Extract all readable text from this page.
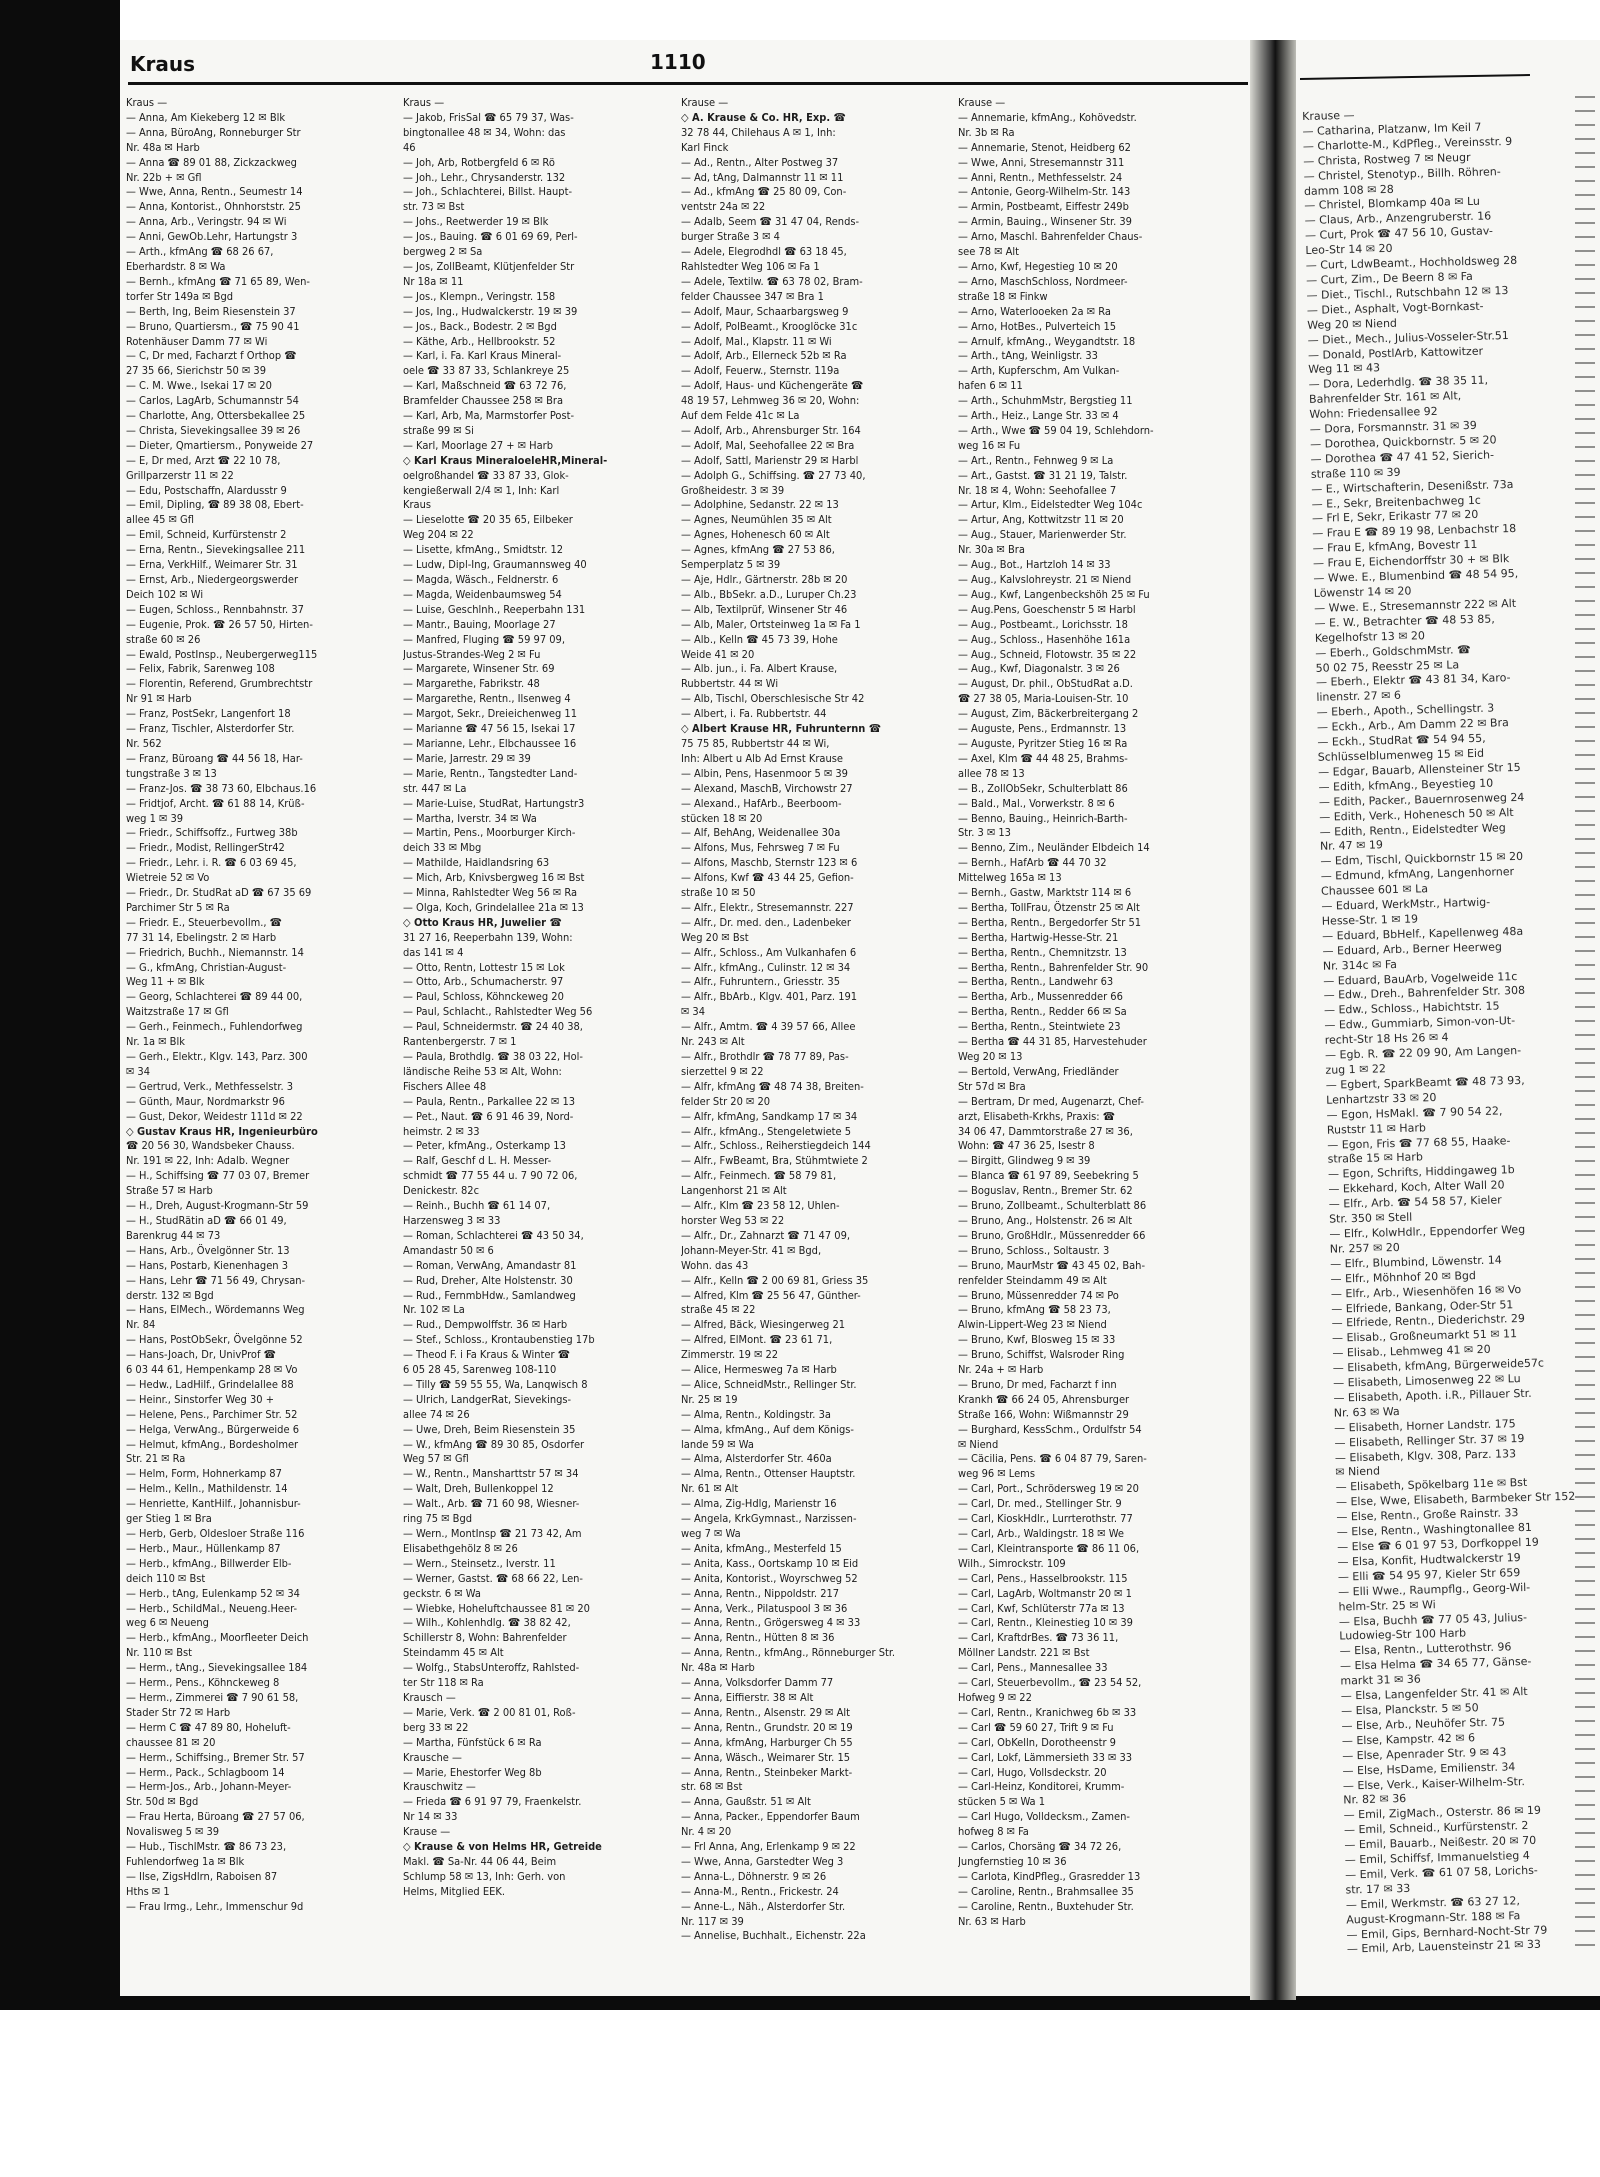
Kraus	1110
Kraus —
— Anna, Am Kiekeberg 12 ✉ Blk
— Anna, BüroAng, Ronneburger Str
Nr. 48a ✉ Harb
— Anna ☎ 89 01 88, Zickzackweg
Nr. 22b + ✉ Gfl
— Wwe, Anna, Rentn., Seumestr 14
— Anna, Kontorist., Ohnhorststr. 25
— Anna, Arb., Veringstr. 94 ✉ Wi
— Anni, GewOb.Lehr, Hartungstr 3
— Arth., kfmAng ☎ 68 26 67,
Eberhardstr. 8 ✉ Wa
— Bernh., kfmAng ☎ 71 65 89, Wen-
torfer Str 149a ✉ Bgd
— Berth, Ing, Beim Riesenstein 37
— Bruno, Quartiersm., ☎ 75 90 41
Rotenhäuser Damm 77 ✉ Wi
— C, Dr med, Facharzt f Orthop ☎
27 35 66, Sierichstr 50 ✉ 39
— C. M. Wwe., Isekai 17 ✉ 20
— Carlos, LagArb, Schumannstr 54
— Charlotte, Ang, Ottersbekallee 25
— Christa, Sievekingsallee 39 ✉ 26
— Dieter, Qmartiersm., Ponyweide 27
— E, Dr med, Arzt ☎ 22 10 78,
Grillparzerstr 11 ✉ 22
— Edu, Postschaffn, Alardusstr 9
— Emil, Dipling, ☎ 89 38 08, Ebert-
allee 45 ✉ Gfl
— Emil, Schneid, Kurfürstenstr 2
— Erna, Rentn., Sievekingsallee 211
— Erna, VerkHilf., Weimarer Str. 31
— Ernst, Arb., Niedergeorgswerder
Deich 102 ✉ Wi
— Eugen, Schloss., Rennbahnstr. 37
— Eugenie, Prok. ☎ 26 57 50, Hirten-
straße 60 ✉ 26
— Ewald, PostInsp., Neubergerweg115
— Felix, Fabrik, Sarenweg 108
— Florentin, Referend, Grumbrechtstr
Nr 91 ✉ Harb
— Franz, PostSekr, Langenfort 18
— Franz, Tischler, Alsterdorfer Str.
Nr. 562
— Franz, Büroang ☎ 44 56 18, Har-
tungstraße 3 ✉ 13
— Franz-Jos. ☎ 38 73 60, Elbchaus.16
— Fridtjof, Archt. ☎ 61 88 14, Krüß-
weg 1 ✉ 39
— Friedr., Schiffsoffz., Furtweg 38b
— Friedr., Modist, RellingerStr42
— Friedr., Lehr. i. R. ☎ 6 03 69 45,
Wietreie 52 ✉ Vo
— Friedr., Dr. StudRat aD ☎ 67 35 69
Parchimer Str 5 ✉ Ra
— Friedr. E., Steuerbevollm., ☎
77 31 14, Ebelingstr. 2 ✉ Harb
— Friedrich, Buchh., Niemannstr. 14
— G., kfmAng, Christian-August-
Weg 11 + ✉ Blk
— Georg, Schlachterei ☎ 89 44 00,
Waitzstraße 17 ✉ Gfl
— Gerh., Feinmech., Fuhlendorfweg
Nr. 1a ✉ Blk
— Gerh., Elektr., Klgv. 143, Parz. 300
✉ 34
— Gertrud, Verk., Methfesselstr. 3
— Günth, Maur, Nordmarkstr 96
— Gust, Dekor, Weidestr 111d ✉ 22
◇ Gustav Kraus HR, Ingenieurbüro
☎ 20 56 30, Wandsbeker Chauss.
Nr. 191 ✉ 22, Inh: Adalb. Wegner
— H., Schiffsing ☎ 77 03 07, Bremer
Straße 57 ✉ Harb
— H., Dreh, August-Krogmann-Str 59
— H., StudRätin aD ☎ 66 01 49,
Barenkrug 44 ✉ 73
— Hans, Arb., Övelgönner Str. 13
— Hans, Postarb, Kienenhagen 3
— Hans, Lehr ☎ 71 56 49, Chrysan-
derstr. 132 ✉ Bgd
— Hans, ElMech., Wördemanns Weg
Nr. 84
— Hans, PostObSekr, Övelgönne 52
— Hans-Joach, Dr, UnivProf ☎
6 03 44 61, Hempenkamp 28 ✉ Vo
— Hedw., LadHilf., Grindelallee 88
— Heinr., Sinstorfer Weg 30 +
— Helene, Pens., Parchimer Str. 52
— Helga, VerwAng., Bürgerweide 6
— Helmut, kfmAng., Bordesholmer
Str. 21 ✉ Ra
— Helm, Form, Hohnerkamp 87
— Helm., Kelln., Mathildenstr. 14
— Henriette, KantHilf., Johannisbur-
ger Stieg 1 ✉ Bra
— Herb, Gerb, Oldesloer Straße 116
— Herb., Maur., Hüllenkamp 87
— Herb., kfmAng., Billwerder Elb-
deich 110 ✉ Bst
— Herb., tAng, Eulenkamp 52 ✉ 34
— Herb., SchildMal., Neueng.Heer-
weg 6 ✉ Neueng
— Herb., kfmAng., Moorfleeter Deich
Nr. 110 ✉ Bst
— Herm., tAng., Sievekingsallee 184
— Herm., Pens., Köhnckeweg 8
— Herm., Zimmerei ☎ 7 90 61 58,
Stader Str 72 ✉ Harb
— Herm C ☎ 47 89 80, Hoheluft-
chaussee 81 ✉ 20
— Herm., Schiffsing., Bremer Str. 57
— Herm., Pack., Schlagboom 14
— Herm-Jos., Arb., Johann-Meyer-
Str. 50d ✉ Bgd
— Frau Herta, Büroang ☎ 27 57 06,
Novalisweg 5 ✉ 39
— Hub., TischlMstr. ☎ 86 73 23,
Fuhlendorfweg 1a ✉ Blk
— Ilse, ZigsHdlrn, Raboisen 87
Hths ✉ 1
— Frau Irmg., Lehr., Immenschur 9d
Kraus —
— Jakob, FrisSal ☎ 65 79 37, Was-
bingtonallee 48 ✉ 34, Wohn: das
46
— Joh, Arb, Rotbergfeld 6 ✉ Rö
— Joh., Lehr., Chrysanderstr. 132
— Joh., Schlachterei, Billst. Haupt-
str. 73 ✉ Bst
— Johs., Reetwerder 19 ✉ Blk
— Jos., Bauing. ☎ 6 01 69 69, Perl-
bergweg 2 ✉ Sa
— Jos, ZollBeamt, Klütjenfelder Str
Nr 18a ✉ 11
— Jos., Klempn., Veringstr. 158
— Jos, Ing., Hudwalckerstr. 19 ✉ 39
— Jos., Back., Bodestr. 2 ✉ Bgd
— Käthe, Arb., Hellbrookstr. 52
— Karl, i. Fa. Karl Kraus Mineral-
oele ☎ 33 87 33, Schlankreye 25
— Karl, Maßschneid ☎ 63 72 76,
Bramfelder Chaussee 258 ✉ Bra
— Karl, Arb, Ma, Marmstorfer Post-
straße 99 ✉ Si
— Karl, Moorlage 27 + ✉ Harb
◇ Karl Kraus MineraloeleHR,Mineral-
oelgroßhandel ☎ 33 87 33, Glok-
kengießerwall 2/4 ✉ 1, Inh: Karl
Kraus
— Lieselotte ☎ 20 35 65, Eilbeker
Weg 204 ✉ 22
— Lisette, kfmAng., Smidtstr. 12
— Ludw, Dipl-Ing, Graumannsweg 40
— Magda, Wäsch., Feldnerstr. 6
— Magda, Weidenbaumsweg 54
— Luise, Geschlnh., Reeperbahn 131
— Mantr., Bauing, Moorlage 27
— Manfred, Fluging ☎ 59 97 09,
Justus-Strandes-Weg 2 ✉ Fu
— Margarete, Winsener Str. 69
— Margarethe, Fabrikstr. 48
— Margarethe, Rentn., Ilsenweg 4
— Margot, Sekr., Dreieichenweg 11
— Marianne ☎ 47 56 15, Isekai 17
— Marianne, Lehr., Elbchaussee 16
— Marie, Jarrestr. 29 ✉ 39
— Marie, Rentn., Tangstedter Land-
str. 447 ✉ La
— Marie-Luise, StudRat, Hartungstr3
— Martha, Iverstr. 34 ✉ Wa
— Martin, Pens., Moorburger Kirch-
deich 33 ✉ Mbg
— Mathilde, Haidlandsring 63
— Mich, Arb, Knivsbergweg 16 ✉ Bst
— Minna, Rahlstedter Weg 56 ✉ Ra
— Olga, Koch, Grindelallee 21a ✉ 13
◇ Otto Kraus HR, Juwelier ☎
31 27 16, Reeperbahn 139, Wohn:
das 141 ✉ 4
— Otto, Rentn, Lottestr 15 ✉ Lok
— Otto, Arb., Schumacherstr. 97
— Paul, Schloss, Köhnckeweg 20
— Paul, Schlacht., Rahlstedter Weg 56
— Paul, Schneidermstr. ☎ 24 40 38,
Rantenbergerstr. 7 ✉ 1
— Paula, Brothdlg. ☎ 38 03 22, Hol-
ländische Reihe 53 ✉ Alt, Wohn:
Fischers Allee 48
— Paula, Rentn., Parkallee 22 ✉ 13
— Pet., Naut. ☎ 6 91 46 39, Nord-
heimstr. 2 ✉ 33
— Peter, kfmAng., Osterkamp 13
— Ralf, Geschf d L. H. Messer-
schmidt ☎ 77 55 44 u. 7 90 72 06,
Denickestr. 82c
— Reinh., Buchh ☎ 61 14 07,
Harzensweg 3 ✉ 33
— Roman, Schlachterei ☎ 43 50 34,
Amandastr 50 ✉ 6
— Roman, VerwAng, Amandastr 81
— Rud, Dreher, Alte Holstenstr. 30
— Rud., FernmbHdw., Samlandweg
Nr. 102 ✉ La
— Rud., Dempwolffstr. 36 ✉ Harb
— Stef., Schloss., Krontaubenstieg 17b
— Theod F. i Fa Kraus & Winter ☎
6 05 28 45, Sarenweg 108-110
— Tilly ☎ 59 55 55, Wa, Lanqwisch 8
— Ulrich, LandgerRat, Sievekings-
allee 74 ✉ 26
— Uwe, Dreh, Beim Riesenstein 35
— W., kfmAng ☎ 89 30 85, Osdorfer
Weg 57 ✉ Gfl
— W., Rentn., Mansharttstr 57 ✉ 34
— Walt, Dreh, Bullenkoppel 12
— Walt., Arb. ☎ 71 60 98, Wiesner-
ring 75 ✉ Bgd
— Wern., MontInsp ☎ 21 73 42, Am
Elisabethgehölz 8 ✉ 26
— Wern., Steinsetz., Iverstr. 11
— Werner, Gastst. ☎ 68 66 22, Len-
geckstr. 6 ✉ Wa
— Wiebke, Hoheluftchaussee 81 ✉ 20
— Wilh., Kohlenhdlg. ☎ 38 82 42,
Schillerstr 8, Wohn: Bahrenfelder
Steindamm 45 ✉ Alt
— Wolfg., StabsUnteroffz, Rahlsted-
ter Str 118 ✉ Ra
Krausch —
— Marie, Verk. ☎ 2 00 81 01, Roß-
berg 33 ✉ 22
— Martha, Fünfstück 6 ✉ Ra
Krausche —
— Marie, Ehestorfer Weg 8b
Krauschwitz —
— Frieda ☎ 6 91 97 79, Fraenkelstr.
Nr 14 ✉ 33
Krause —
◇ Krause & von Helms HR, Getreide
Makl. ☎ Sa-Nr. 44 06 44, Beim
Schlump 58 ✉ 13, Inh: Gerh. von
Helms, Mitglied EEK.
Krause —
◇ A. Krause & Co. HR, Exp. ☎
32 78 44, Chilehaus A ✉ 1, Inh:
Karl Finck
— Ad., Rentn., Alter Postweg 37
— Ad, tAng, Dalmannstr 11 ✉ 11
— Ad., kfmAng ☎ 25 80 09, Con-
ventstr 24a ✉ 22
— Adalb, Seem ☎ 31 47 04, Rends-
burger Straße 3 ✉ 4
— Adele, Elegrodhdl ☎ 63 18 45,
Rahlstedter Weg 106 ✉ Fa 1
— Adele, Textilw. ☎ 63 78 02, Bram-
felder Chaussee 347 ✉ Bra 1
— Adolf, Maur, Schaarbargsweg 9
— Adolf, PolBeamt., Krooglöcke 31c
— Adolf, Mal., Klapstr. 11 ✉ Wi
— Adolf, Arb., Ellerneck 52b ✉ Ra
— Adolf, Feuerw., Sternstr. 119a
— Adolf, Haus- und Küchengeräte ☎
48 19 57, Lehmweg 36 ✉ 20, Wohn:
Auf dem Felde 41c ✉ La
— Adolf, Arb., Ahrensburger Str. 164
— Adolf, Mal, Seehofallee 22 ✉ Bra
— Adolf, Sattl, Marienstr 29 ✉ Harbl
— Adolph G., Schiffsing. ☎ 27 73 40,
Großheidestr. 3 ✉ 39
— Adolphine, Sedanstr. 22 ✉ 13
— Agnes, Neumühlen 35 ✉ Alt
— Agnes, Hohenesch 60 ✉ Alt
— Agnes, kfmAng ☎ 27 53 86,
Semperplatz 5 ✉ 39
— Aje, Hdlr., Gärtnerstr. 28b ✉ 20
— Alb., BbSekr. a.D., Luruper Ch.23
— Alb, Textilprüf, Winsener Str 46
— Alb, Maler, Ortsteinweg 1a ✉ Fa 1
— Alb., Kelln ☎ 45 73 39, Hohe
Weide 41 ✉ 20
— Alb. jun., i. Fa. Albert Krause,
Rubbertstr. 44 ✉ Wi
— Alb, Tischl, Oberschlesische Str 42
— Albert, i. Fa. Rubbertstr. 44
◇ Albert Krause HR, Fuhrunternn ☎
75 75 85, Rubbertstr 44 ✉ Wi,
Inh: Albert u Alb Ad Ernst Krause
— Albin, Pens, Hasenmoor 5 ✉ 39
— Alexand, MaschB, Virchowstr 27
— Alexand., HafArb., Beerboom-
stücken 18 ✉ 20
— Alf, BehAng, Weidenallee 30a
— Alfons, Mus, Fehrsweg 7 ✉ Fu
— Alfons, Maschb, Sternstr 123 ✉ 6
— Alfons, Kwf ☎ 43 44 25, Gefion-
straße 10 ✉ 50
— Alfr., Elektr., Stresemannstr. 227
— Alfr., Dr. med. den., Ladenbeker
Weg 20 ✉ Bst
— Alfr., Schloss., Am Vulkanhafen 6
— Alfr., kfmAng., Culinstr. 12 ✉ 34
— Alfr., Fuhruntern., Griesstr. 35
— Alfr., BbArb., Klgv. 401, Parz. 191
✉ 34
— Alfr., Amtm. ☎ 4 39 57 66, Allee
Nr. 243 ✉ Alt
— Alfr., Brothdlr ☎ 78 77 89, Pas-
sierzettel 9 ✉ 22
— Alfr, kfmAng ☎ 48 74 38, Breiten-
felder Str 20 ✉ 20
— Alfr, kfmAng, Sandkamp 17 ✉ 34
— Alfr., kfmAng., Stengeletwiete 5
— Alfr., Schloss., Reiherstiegdeich 144
— Alfr., FwBeamt, Bra, Stühmtwiete 2
— Alfr., Feinmech. ☎ 58 79 81,
Langenhorst 21 ✉ Alt
— Alfr., Klm ☎ 23 58 12, Uhlen-
horster Weg 53 ✉ 22
— Alfr., Dr., Zahnarzt ☎ 71 47 09,
Johann-Meyer-Str. 41 ✉ Bgd,
Wohn. das 43
— Alfr., Kelln ☎ 2 00 69 81, Griess 35
— Alfred, Klm ☎ 25 56 47, Günther-
straße 45 ✉ 22
— Alfred, Bäck, Wiesingerweg 21
— Alfred, ElMont. ☎ 23 61 71,
Zimmerstr. 19 ✉ 22
— Alice, Hermesweg 7a ✉ Harb
— Alice, SchneidMstr., Rellinger Str.
Nr. 25 ✉ 19
— Alma, Rentn., Koldingstr. 3a
— Alma, kfmAng., Auf dem Königs-
lande 59 ✉ Wa
— Alma, Alsterdorfer Str. 460a
— Alma, Rentn., Ottenser Hauptstr.
Nr. 61 ✉ Alt
— Alma, Zig-Hdlg, Marienstr 16
— Angela, KrkGymnast., Narzissen-
weg 7 ✉ Wa
— Anita, kfmAng., Mesterfeld 15
— Anita, Kass., Oortskamp 10 ✉ Eid
— Anita, Kontorist., Woyrschweg 52
— Anna, Rentn., Nippoldstr. 217
— Anna, Verk., Pilatuspool 3 ✉ 36
— Anna, Rentn., Grögersweg 4 ✉ 33
— Anna, Rentn., Hütten 8 ✉ 36
— Anna, Rentn., kfmAng., Rönneburger Str.
Nr. 48a ✉ Harb
— Anna, Volksdorfer Damm 77
— Anna, Eiffierstr. 38 ✉ Alt
— Anna, Rentn., Alsenstr. 29 ✉ Alt
— Anna, Rentn., Grundstr. 20 ✉ 19
— Anna, kfmAng, Harburger Ch 55
— Anna, Wäsch., Weimarer Str. 15
— Anna, Rentn., Steinbeker Markt-
str. 68 ✉ Bst
— Anna, Gaußstr. 51 ✉ Alt
— Anna, Packer., Eppendorfer Baum
Nr. 4 ✉ 20
— Frl Anna, Ang, Erlenkamp 9 ✉ 22
— Wwe, Anna, Garstedter Weg 3
— Anna-L., Döhnerstr. 9 ✉ 26
— Anna-M., Rentn., Frickestr. 24
— Anne-L., Näh., Alsterdorfer Str.
Nr. 117 ✉ 39
— Annelise, Buchhalt., Eichenstr. 22a
Krause —
— Annemarie, kfmAng., Kohövedstr.
Nr. 3b ✉ Ra
— Annemarie, Stenot, Heidberg 62
— Wwe, Anni, Stresemannstr 311
— Anni, Rentn., Methfesselstr. 24
— Antonie, Georg-Wilhelm-Str. 143
— Armin, Postbeamt, Eiffestr 249b
— Armin, Bauing., Winsener Str. 39
— Arno, Maschl. Bahrenfelder Chaus-
see 78 ✉ Alt
— Arno, Kwf, Hegestieg 10 ✉ 20
— Arno, MaschSchloss, Nordmeer-
straße 18 ✉ Finkw
— Arno, Waterlooeken 2a ✉ Ra
— Arno, HotBes., Pulverteich 15
— Arnulf, kfmAng., Weygandtstr. 18
— Arth., tAng, Weinligstr. 33
— Arth, Kupferschm, Am Vulkan-
hafen 6 ✉ 11
— Arth., SchuhmMstr, Bergstieg 11
— Arth., Heiz., Lange Str. 33 ✉ 4
— Arth., Wwe ☎ 59 04 19, Schlehdorn-
weg 16 ✉ Fu
— Art., Rentn., Fehnweg 9 ✉ La
— Art., Gastst. ☎ 31 21 19, Talstr.
Nr. 18 ✉ 4, Wohn: Seehofallee 7
— Artur, Klm., Eidelstedter Weg 104c
— Artur, Ang, Kottwitzstr 11 ✉ 20
— Aug., Stauer, Marienwerder Str.
Nr. 30a ✉ Bra
— Aug., Bot., Hartzloh 14 ✉ 33
— Aug., Kalvslohreystr. 21 ✉ Niend
— Aug., Kwf, Langenbeckshöh 25 ✉ Fu
— Aug.Pens, Goeschenstr 5 ✉ Harbl
— Aug., Postbeamt., Lorichsstr. 18
— Aug., Schloss., Hasenhöhe 161a
— Aug., Schneid, Flotowstr. 35 ✉ 22
— Aug., Kwf, Diagonalstr. 3 ✉ 26
— August, Dr. phil., ObStudRat a.D.
☎ 27 38 05, Maria-Louisen-Str. 10
— August, Zim, Bäckerbreitergang 2
— Auguste, Pens., Erdmannstr. 13
— Auguste, Pyritzer Stieg 16 ✉ Ra
— Axel, Klm ☎ 44 48 25, Brahms-
allee 78 ✉ 13
— B., ZollObSekr, Schulterblatt 86
— Bald., Mal., Vorwerkstr. 8 ✉ 6
— Benno, Bauing., Heinrich-Barth-
Str. 3 ✉ 13
— Benno, Zim., Neuländer Elbdeich 14
— Bernh., HafArb ☎ 44 70 32
Mittelweg 165a ✉ 13
— Bernh., Gastw, Marktstr 114 ✉ 6
— Bertha, TollFrau, Ötzenstr 25 ✉ Alt
— Bertha, Rentn., Bergedorfer Str 51
— Bertha, Hartwig-Hesse-Str. 21
— Bertha, Rentn., Chemnitzstr. 13
— Bertha, Rentn., Bahrenfelder Str. 90
— Bertha, Rentn., Landwehr 63
— Bertha, Arb., Mussenredder 66
— Bertha, Rentn., Redder 66 ✉ Sa
— Bertha, Rentn., Steintwiete 23
— Bertha ☎ 44 31 85, Harvestehuder
Weg 20 ✉ 13
— Bertold, VerwAng, Friedländer
Str 57d ✉ Bra
— Bertram, Dr med, Augenarzt, Chef-
arzt, Elisabeth-Krkhs, Praxis: ☎
34 06 47, Dammtorstraße 27 ✉ 36,
Wohn: ☎ 47 36 25, Isestr 8
— Birgitt, Glindweg 9 ✉ 39
— Blanca ☎ 61 97 89, Seebekring 5
— Boguslav, Rentn., Bremer Str. 62
— Bruno, Zollbeamt., Schulterblatt 86
— Bruno, Ang., Holstenstr. 26 ✉ Alt
— Bruno, GroßHdlr., Müssenredder 66
— Bruno, Schloss., Soltaustr. 3
— Bruno, MaurMstr ☎ 43 45 02, Bah-
renfelder Steindamm 49 ✉ Alt
— Bruno, Müssenredder 74 ✉ Po
— Bruno, kfmAng ☎ 58 23 73,
Alwin-Lippert-Weg 23 ✉ Niend
— Bruno, Kwf, Blosweg 15 ✉ 33
— Bruno, Schiffst, Walsroder Ring
Nr. 24a + ✉ Harb
— Bruno, Dr med, Facharzt f inn
Krankh ☎ 66 24 05, Ahrensburger
Straße 166, Wohn: Wißmannstr 29
— Burghard, KessSchm., Ordulfstr 54
✉ Niend
— Cäcilia, Pens. ☎ 6 04 87 79, Saren-
weg 96 ✉ Lems
— Carl, Port., Schrödersweg 19 ✉ 20
— Carl, Dr. med., Stellinger Str. 9
— Carl, KioskHdlr., Lurrterothstr. 77
— Carl, Arb., Waldingstr. 18 ✉ We
— Carl, Kleintransporte ☎ 86 11 06,
Wilh., Simrockstr. 109
— Carl, Pens., Hasselbrookstr. 115
— Carl, LagArb, Woltmanstr 20 ✉ 1
— Carl, Kwf, Schlüterstr 77a ✉ 13
— Carl, Rentn., Kleinestieg 10 ✉ 39
— Carl, KraftdrBes. ☎ 73 36 11,
Möllner Landstr. 221 ✉ Bst
— Carl, Pens., Mannesallee 33
— Carl, Steuerbevollm., ☎ 23 54 52,
Hofweg 9 ✉ 22
— Carl, Rentn., Kranichweg 6b ✉ 33
— Carl ☎ 59 60 27, Trift 9 ✉ Fu
— Carl, ObKelln, Dorotheenstr 9
— Carl, Lokf, Lämmersieth 33 ✉ 33
— Carl, Hugo, Vollsdeckstr. 20
— Carl-Heinz, Konditorei, Krumm-
stücken 5 ✉ Wa 1
— Carl Hugo, Volldecksm., Zamen-
hofweg 8 ✉ Fa
— Carlos, Chorsäng ☎ 34 72 26,
Jungfernstieg 10 ✉ 36
— Carlota, KindPfleg., Grasredder 13
— Caroline, Rentn., Brahmsallee 35
— Caroline, Rentn., Buxtehuder Str.
Nr. 63 ✉ Harb
Krause —
— Catharina, Platzanw, Im Keil 7
— Charlotte-M., KdPfleg., Vereinsstr. 9
— Christa, Rostweg 7 ✉ Neugr
— Christel, Stenotyp., Billh. Röhren-
damm 108 ✉ 28
— Christel, Blomkamp 40a ✉ Lu
— Claus, Arb., Anzengruberstr. 16
— Curt, Prok ☎ 47 56 10, Gustav-
Leo-Str 14 ✉ 20
— Curt, LdwBeamt., Hochholdsweg 28
— Curt, Zim., De Beern 8 ✉ Fa
— Diet., Tischl., Rutschbahn 12 ✉ 13
— Diet., Asphalt, Vogt-Bornkast-
Weg 20 ✉ Niend
— Diet., Mech., Julius-Vosseler-Str.51
— Donald, PostlArb, Kattowitzer
Weg 11 ✉ 43
— Dora, Lederhdlg. ☎ 38 35 11,
Bahrenfelder Str. 161 ✉ Alt,
Wohn: Friedensallee 92
— Dora, Forsmannstr. 31 ✉ 39
— Dorothea, Quickbornstr. 5 ✉ 20
— Dorothea ☎ 47 41 52, Sierich-
straße 110 ✉ 39
— E., Wirtschafterin, Desenißstr. 73a
— E., Sekr, Breitenbachweg 1c
— Frl E, Sekr, Erikastr 77 ✉ 20
— Frau E ☎ 89 19 98, Lenbachstr 18
— Frau E, kfmAng, Bovestr 11
— Frau E, Eichendorffstr 30 + ✉ Blk
— Wwe. E., Blumenbind ☎ 48 54 95,
Löwenstr 14 ✉ 20
— Wwe. E., Stresemannstr 222 ✉ Alt
— E. W., Betrachter ☎ 48 53 85,
Kegelhofstr 13 ✉ 20
— Eberh., GoldschmMstr. ☎
50 02 75, Reesstr 25 ✉ La
— Eberh., Elektr ☎ 43 81 34, Karo-
linenstr. 27 ✉ 6
— Eberh., Apoth., Schellingstr. 3
— Eckh., Arb., Am Damm 22 ✉ Bra
— Eckh., StudRat ☎ 54 94 55,
Schlüsselblumenweg 15 ✉ Eid
— Edgar, Bauarb, Allensteiner Str 15
— Edith, kfmAng., Beyestieg 10
— Edith, Packer., Bauernrosenweg 24
— Edith, Verk., Hohenesch 50 ✉ Alt
— Edith, Rentn., Eidelstedter Weg
Nr. 47 ✉ 19
— Edm, Tischl, Quickbornstr 15 ✉ 20
— Edmund, kfmAng, Langenhorner
Chaussee 601 ✉ La
— Eduard, WerkMstr., Hartwig-
Hesse-Str. 1 ✉ 19
— Eduard, BbHelf., Kapellenweg 48a
— Eduard, Arb., Berner Heerweg
Nr. 314c ✉ Fa
— Eduard, BauArb, Vogelweide 11c
— Edw., Dreh., Bahrenfelder Str. 308
— Edw., Schloss., Habichtstr. 15
— Edw., Gummiarb, Simon-von-Ut-
recht-Str 18 Hs 26 ✉ 4
— Egb. R. ☎ 22 09 90, Am Langen-
zug 1 ✉ 22
— Egbert, SparkBeamt ☎ 48 73 93,
Lenhartzstr 33 ✉ 20
— Egon, HsMakl. ☎ 7 90 54 22,
Ruststr 11 ✉ Harb
— Egon, Fris ☎ 77 68 55, Haake-
straße 15 ✉ Harb
— Egon, Schrifts, Hiddingaweg 1b
— Ekkehard, Koch, Alter Wall 20
— Elfr., Arb. ☎ 54 58 57, Kieler
Str. 350 ✉ Stell
— Elfr., KolwHdlr., Eppendorfer Weg
Nr. 257 ✉ 20
— Elfr., Blumbind, Löwenstr. 14
— Elfr., Möhnhof 20 ✉ Bgd
— Elfr., Arb., Wiesenhöfen 16 ✉ Vo
— Elfriede, Bankang, Oder-Str 51
— Elfriede, Rentn., Diederichstr. 29
— Elisab., Großneumarkt 51 ✉ 11
— Elisab., Lehmweg 41 ✉ 20
— Elisabeth, kfmAng, Bürgerweide57c
— Elisabeth, Limosenweg 22 ✉ Lu
— Elisabeth, Apoth. i.R., Pillauer Str.
Nr. 63 ✉ Wa
— Elisabeth, Horner Landstr. 175
— Elisabeth, Rellinger Str. 37 ✉ 19
— Elisabeth, Klgv. 308, Parz. 133
✉ Niend
— Elisabeth, Spökelbarg 11e ✉ Bst
— Else, Wwe, Elisabeth, Barmbeker Str 152
— Else, Rentn., Große Rainstr. 33
— Else, Rentn., Washingtonallee 81
— Else ☎ 6 01 97 53, Dorfkoppel 19
— Elsa, Konfit, Hudtwalckerstr 19
— Elli ☎ 54 95 97, Kieler Str 659
— Elli Wwe., Raumpflg., Georg-Wil-
helm-Str. 25 ✉ Wi
— Elsa, Buchh ☎ 77 05 43, Julius-
Ludowieg-Str 100 Harb
— Elsa, Rentn., Lutterothstr. 96
— Elsa Helma ☎ 34 65 77, Gänse-
markt 31 ✉ 36
— Elsa, Langenfelder Str. 41 ✉ Alt
— Elsa, Planckstr. 5 ✉ 50
— Else, Arb., Neuhöfer Str. 75
— Else, Kampstr. 42 ✉ 6
— Else, Apenrader Str. 9 ✉ 43
— Else, HsDame, Emilienstr. 34
— Else, Verk., Kaiser-Wilhelm-Str.
Nr. 82 ✉ 36
— Emil, ZigMach., Osterstr. 86 ✉ 19
— Emil, Schneid., Kurfürstenstr. 2
— Emil, Bauarb., Neißestr. 20 ✉ 70
— Emil, Schiffsf, Immanuelstieg 4
— Emil, Verk. ☎ 61 07 58, Lorichs-
str. 17 ✉ 33
— Emil, Werkmstr. ☎ 63 27 12,
August-Krogmann-Str. 188 ✉ Fa
— Emil, Gips, Bernhard-Nocht-Str 79
— Emil, Arb, Lauensteinstr 21 ✉ 33
